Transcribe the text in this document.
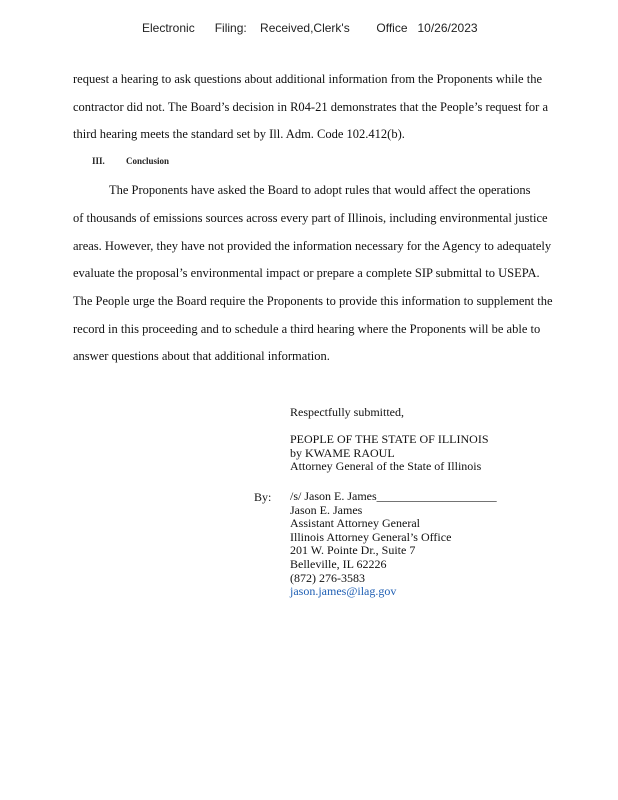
Electronic      Filing:    Received,Clerk's        Office   10/26/2023
request a hearing to ask questions about additional information from the Proponents while the
contractor did not. The Board’s decision in R04-21 demonstrates that the People’s request for a
third hearing meets the standard set by Ill. Adm. Code 102.412(b).
III. Conclusion
The Proponents have asked the Board to adopt rules that would affect the operations
of thousands of emissions sources across every part of Illinois, including environmental justice
areas. However, they have not provided the information necessary for the Agency to adequately
evaluate the proposal’s environmental impact or prepare a complete SIP submittal to USEPA.
The People urge the Board require the Proponents to provide this information to supplement the
record in this proceeding and to schedule a third hearing where the Proponents will be able to
answer questions about that additional information.
Respectfully submitted,
PEOPLE OF THE STATE OF ILLINOIS
by KWAME RAOUL
Attorney General of the State of Illinois
By: /s/ Jason E. James____________________
Jason E. James
Assistant Attorney General
Illinois Attorney General’s Office
201 W. Pointe Dr., Suite 7
Belleville, IL 62226
(872) 276-3583
jason.james@ilag.gov
